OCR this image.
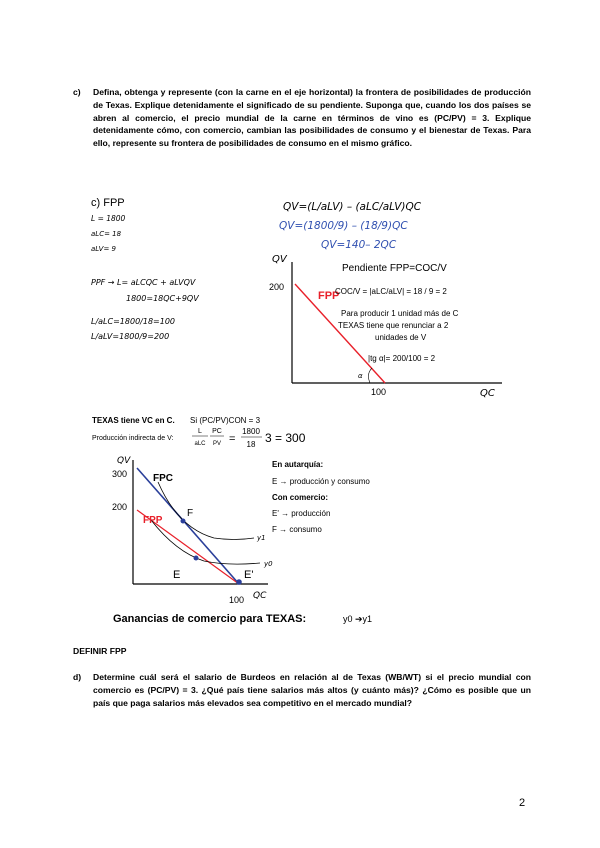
c) Defina, obtenga y represente (con la carne en el eje horizontal) la frontera de posibilidades de producción de Texas. Explique detenidamente el significado de su pendiente. Suponga que, cuando los dos países se abren al comercio, el precio mundial de la carne en términos de vino es (PC/PV) = 3. Explique detenidamente cómo, con comercio, cambian las posibilidades de consumo y el bienestar de Texas. Para ello, represente su frontera de posibilidades de consumo en el mismo gráfico.
c) FPP
L = 1800
aLC= 18
aLV= 9
PPF → L= aLCQC + aLVQV
1800=18QC+9QV
L/aLC=1800/18=100
L/aLV=1800/9=200
QV=(L/aLV) – (aLC/aLV)QC
QV=(1800/9) – (18/9)QC
QV=140– 2QC
QV
QC
200
100
FPP
α
Pendiente FPP=COC/V
COC/V = |aLC/aLV| = 18 / 9 = 2
Para producir 1 unidad más de C
TEXAS tiene que renunciar a 2
unidades de V
|tg α|= 200/100 = 2
TEXAS tiene VC en C. Si (PC/PV)CON = 3
Producción indirecta de V:
L
aLC
PC
PV =
1800
18 3 = 300
QV
QC
300
200
100
FPC
FPP
F
E	E'
y1
y0
En autarquía:
E → producción y consumo
Con comercio:
E' → producción
F → consumo
Ganancias de comercio para TEXAS:	y0 ➔y1
DEFINIR FPP
d) Determine cuál será el salario de Burdeos en relación al de Texas (WB/WT) si el precio mundial con comercio es (PC/PV) = 3. ¿Qué país tiene salarios más altos (y cuánto más)? ¿Cómo es posible que un país que paga salarios más elevados sea competitivo en el mercado mundial?
2
